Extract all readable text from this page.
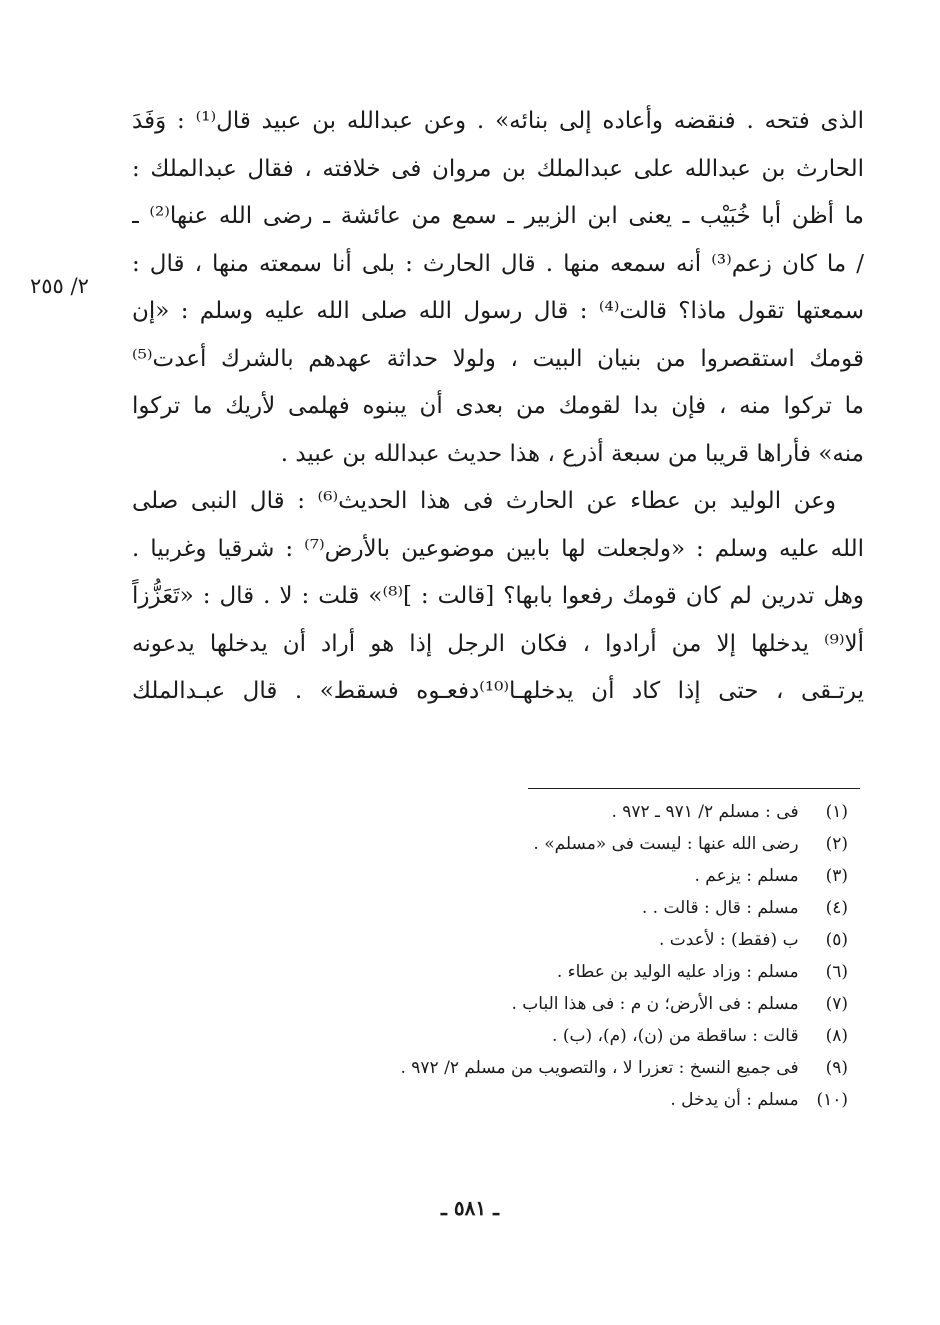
الذى فتحه . فنقضه وأعاده إلى بنائه» . وعن عبدالله بن عبيد قال⁽¹⁾ : وَفَدَ
الحارث بن عبدالله على عبدالملك بن مروان فى خلافته ، فقال عبدالملك :
ما أظن أبا خُبَيْب ـ يعنى ابن الزبير ـ سمع من عائشة ـ رضى الله عنها⁽²⁾ ـ
/ ما كان زعم⁽³⁾ أنه سمعه منها . قال الحارث : بلى أنا سمعته منها ، قال :
سمعتها تقول ماذا؟ قالت⁽⁴⁾ : قال رسول الله صلى الله عليه وسلم : «إن
قومك استقصروا من بنيان البيت ، ولولا حداثة عهدهم بالشرك أعدت⁽⁵⁾
ما تركوا منه ، فإن بدا لقومك من بعدى أن يبنوه فهلمى لأريك ما تركوا
منه» فأراها قريبا من سبعة أذرع ، هذا حديث عبدالله بن عبيد .
وعن الوليد بن عطاء عن الحارث فى هذا الحديث⁽⁶⁾ : قال النبى صلى
الله عليه وسلم : «ولجعلت لها بابين موضوعين بالأرض⁽⁷⁾ : شرقيا وغربيا .
وهل تدرين لم كان قومك رفعوا بابها؟ [قالت : ]⁽⁸⁾» قلت : لا . قال : «تَعَزُّزاً
ألا⁽⁹⁾ يدخلها إلا من أرادوا ، فكان الرجل إذا هو أراد أن يدخلها يدعونه
يرتـقى ، حتى إذا كاد أن يدخلهـا⁽¹⁰⁾دفعـوه فسقط» . قال عبـدالملك
٢/ ٢٥٥
(١) فى : مسلم ٢/ ٩٧١ ـ ٩٧٢ .
(٢) رضى الله عنها : ليست فى «مسلم» .
(٣) مسلم : يزعم .
(٤) مسلم : قال : قالت . .
(٥) ب (فقط) : لأعدت .
(٦) مسلم : وزاد عليه الوليد بن عطاء .
(٧) مسلم : فى الأرض؛ ن م : فى هذا الباب .
(٨) قالت : ساقطة من (ن)، (م)، (ب) .
(٩) فى جميع النسخ : تعزرا لا ، والتصويب من مسلم ٢/ ٩٧٢ .
(١٠) مسلم : أن يدخل .
ـ ٥٨١ ـ
